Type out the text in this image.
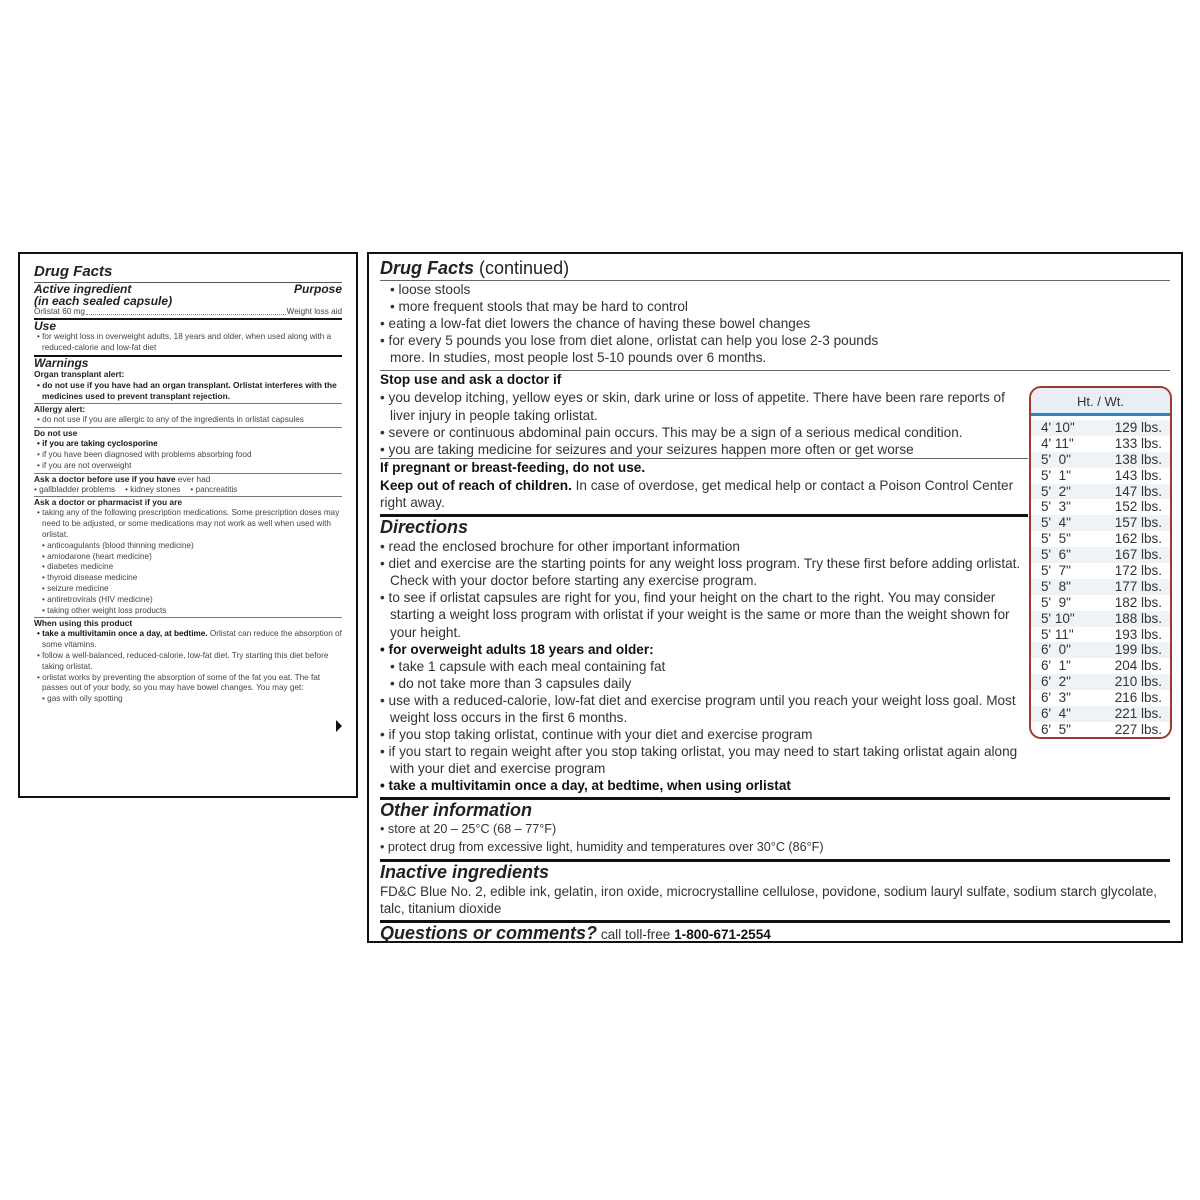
Drug Facts
Active ingredient	Purpose
(in each sealed capsule)
Orlistat 60 mg	Weight loss aid
Use
• for weight loss in overweight adults, 18 years and older, when used along with a reduced-calorie and low-fat diet
Warnings
Organ transplant alert:
• do not use if you have had an organ transplant. Orlistat interferes with the medicines used to prevent transplant rejection.
Allergy alert:
• do not use if you are allergic to any of the ingredients in orlistat capsules
Do not use
• if you are taking cyclosporine
• if you have been diagnosed with problems absorbing food
• if you are not overweight
Ask a doctor before use if you have ever had
• gallbladder problems • kidney stones • pancreatitis
Ask a doctor or pharmacist if you are
• taking any of the following prescription medications. Some prescription doses may need to be adjusted, or some medications may not work as well when used with orlistat.
• anticoagulants (blood thinning medicine)
• amiodarone (heart medicine)
• diabetes medicine
• thyroid disease medicine
• seizure medicine
• antiretrovirals (HIV medicine)
• taking other weight loss products
When using this product
• take a multivitamin once a day, at bedtime. Orlistat can reduce the absorption of some vitamins.
• follow a well-balanced, reduced-calorie, low-fat diet. Try starting this diet before taking orlistat.
• orlistat works by preventing the absorption of some of the fat you eat. The fat passes out of your body, so you may have bowel changes. You may get:
• gas with oily spotting
Drug Facts (continued)
• loose stools
• more frequent stools that may be hard to control
• eating a low-fat diet lowers the chance of having these bowel changes
• for every 5 pounds you lose from diet alone, orlistat can help you lose 2-3 pounds more. In studies, most people lost 5-10 pounds over 6 months.
Stop use and ask a doctor if
• you develop itching, yellow eyes or skin, dark urine or loss of appetite. There have been rare reports of liver injury in people taking orlistat.
• severe or continuous abdominal pain occurs. This may be a sign of a serious medical condition.
• you are taking medicine for seizures and your seizures happen more often or get worse
If pregnant or breast-feeding, do not use.
Keep out of reach of children. In case of overdose, get medical help or contact a Poison Control Center right away.
Directions
• read the enclosed brochure for other important information
• diet and exercise are the starting points for any weight loss program. Try these first before adding orlistat. Check with your doctor before starting any exercise program.
• to see if orlistat capsules are right for you, find your height on the chart to the right. You may consider starting a weight loss program with orlistat if your weight is the same or more than the weight shown for your height.
• for overweight adults 18 years and older:
• take 1 capsule with each meal containing fat
• do not take more than 3 capsules daily
• use with a reduced-calorie, low-fat diet and exercise program until you reach your weight loss goal. Most weight loss occurs in the first 6 months.
• if you stop taking orlistat, continue with your diet and exercise program
• if you start to regain weight after you stop taking orlistat, you may need to start taking orlistat again along with your diet and exercise program
• take a multivitamin once a day, at bedtime, when using orlistat
Other information
• store at 20 – 25°C (68 – 77°F)
• protect drug from excessive light, humidity and temperatures over 30°C (86°F)
Inactive ingredients
FD&C Blue No. 2, edible ink, gelatin, iron oxide, microcrystalline cellulose, povidone, sodium lauryl sulfate, sodium starch glycolate, talc, titanium dioxide
Questions or comments? call toll-free 1-800-671-2554
Ht. / Wt.
4' 10"	129 lbs.
4' 11"	133 lbs.
5'  0"	138 lbs.
5'  1"	143 lbs.
5'  2"	147 lbs.
5'  3"	152 lbs.
5'  4"	157 lbs.
5'  5"	162 lbs.
5'  6"	167 lbs.
5'  7"	172 lbs.
5'  8"	177 lbs.
5'  9"	182 lbs.
5' 10"	188 lbs.
5' 11"	193 lbs.
6'  0"	199 lbs.
6'  1"	204 lbs.
6'  2"	210 lbs.
6'  3"	216 lbs.
6'  4"	221 lbs.
6'  5"	227 lbs.
